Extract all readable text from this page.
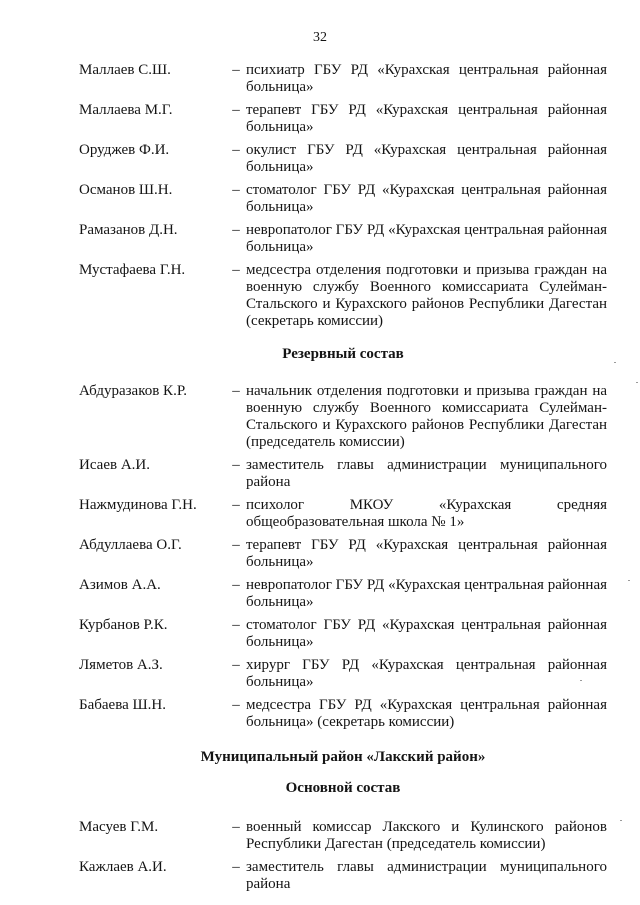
32
Маллаев С.Ш.	– психиатр ГБУ РД «Курахская центральная районная больница»
Маллаева М.Г.	– терапевт ГБУ РД «Курахская центральная районная больница»
Оруджев Ф.И.	– окулист ГБУ РД «Курахская центральная районная больница»
Османов Ш.Н.	– стоматолог ГБУ РД «Курахская центральная районная больница»
Рамазанов Д.Н.	– невропатолог ГБУ РД «Курахская центральная районная больница»
Мустафаева Г.Н.	– медсестра отделения подготовки и призыва граждан на военную службу Военного комиссариата Сулейман-Стальского и Курахского районов Республики Дагестан (секретарь комиссии)
Резервный состав
Абдуразаков К.Р.	– начальник отделения подготовки и призыва граждан на военную службу Военного комиссариата Сулейман-Стальского и Курахского районов Республики Дагестан (председатель комиссии)
Исаев А.И.	– заместитель главы администрации муниципального района
Нажмудинова Г.Н.	– психолог МКОУ «Курахская средняя общеобразовательная школа № 1»
Абдуллаева О.Г.	– терапевт ГБУ РД «Курахская центральная районная больница»
Азимов А.А.	– невропатолог ГБУ РД «Курахская центральная районная больница»
Курбанов Р.К.	– стоматолог ГБУ РД «Курахская центральная районная больница»
Ляметов А.З.	– хирург ГБУ РД «Курахская центральная районная больница»
Бабаева Ш.Н.	– медсестра ГБУ РД «Курахская центральная районная больница» (секретарь комиссии)
Муниципальный район «Лакский район»
Основной состав
Масуев Г.М.	– военный комиссар Лакского и Кулинского районов Республики Дагестан (председатель комиссии)
Кажлаев А.И.	– заместитель главы администрации муниципального района
